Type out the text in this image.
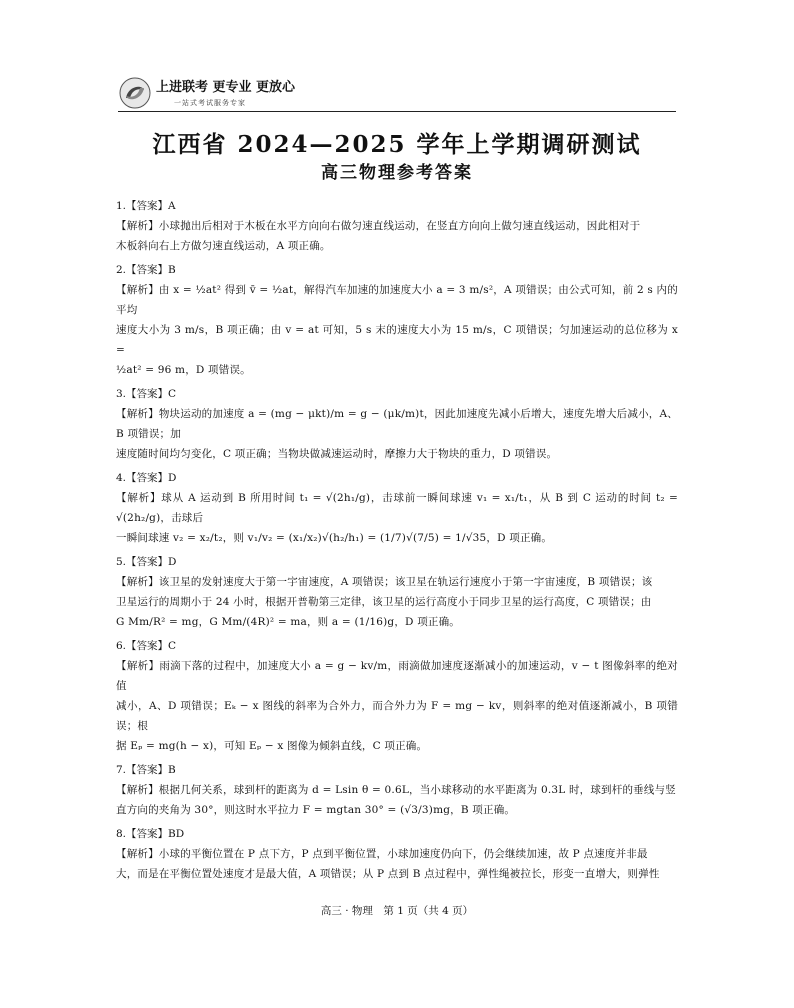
上进联考 更专业 更放心
一站式考试服务专家
江西省 2024—2025 学年上学期调研测试
高三物理参考答案
1.【答案】A

【解析】小球抛出后相对于木板在水平方向向右做匀速直线运动，在竖直方向向上做匀速直线运动，因此相对于

木板斜向右上方做匀速直线运动，A 项正确。

2.【答案】B

【解析】由 x = ½at² 得到 v̄ = ½at，解得汽车加速的加速度大小 a = 3 m/s²，A 项错误；由公式可知，前 2 s 内的平均

速度大小为 3 m/s，B 项正确；由 v = at 可知，5 s 末的速度大小为 15 m/s，C 项错误；匀加速运动的总位移为 x =

½at² = 96 m，D 项错误。

3.【答案】C

【解析】物块运动的加速度 a = (mg − μkt)/m = g − (μk/m)t，因此加速度先减小后增大，速度先增大后减小，A、B 项错误；加

速度随时间均匀变化，C 项正确；当物块做减速运动时，摩擦力大于物块的重力，D 项错误。

4.【答案】D

【解析】球从 A 运动到 B 所用时间 t₁ = √(2h₁/g)，击球前一瞬间球速 v₁ = x₁/t₁，从 B 到 C 运动的时间 t₂ = √(2h₂/g)，击球后

一瞬间球速 v₂ = x₂/t₂，则 v₁/v₂ = (x₁/x₂)√(h₂/h₁) = (1/7)√(7/5) = 1/√35，D 项正确。

5.【答案】D

【解析】该卫星的发射速度大于第一宇宙速度，A 项错误；该卫星在轨运行速度小于第一宇宙速度，B 项错误；该

卫星运行的周期小于 24 小时，根据开普勒第三定律，该卫星的运行高度小于同步卫星的运行高度，C 项错误；由

G Mm/R² = mg，G Mm/(4R)² = ma，则 a = (1/16)g，D 项正确。

6.【答案】C

【解析】雨滴下落的过程中，加速度大小 a = g − kv/m，雨滴做加速度逐渐减小的加速运动，v − t 图像斜率的绝对值

减小，A、D 项错误；Eₖ − x 图线的斜率为合外力，而合外力为 F = mg − kv，则斜率的绝对值逐渐减小，B 项错误；根

据 Eₚ = mg(h − x)，可知 Eₚ − x 图像为倾斜直线，C 项正确。

7.【答案】B

【解析】根据几何关系，球到杆的距离为 d = Lsin θ = 0.6L，当小球移动的水平距离为 0.3L 时，球到杆的垂线与竖

直方向的夹角为 30°，则这时水平拉力 F = mgtan 30° = (√3/3)mg，B 项正确。

8.【答案】BD

【解析】小球的平衡位置在 P 点下方，P 点到平衡位置，小球加速度仍向下，仍会继续加速，故 P 点速度并非最

大，而是在平衡位置处速度才是最大值，A 项错误；从 P 点到 B 点过程中，弹性绳被拉长，形变一直增大，则弹性

高三 · 物理　第 1 页（共 4 页）
